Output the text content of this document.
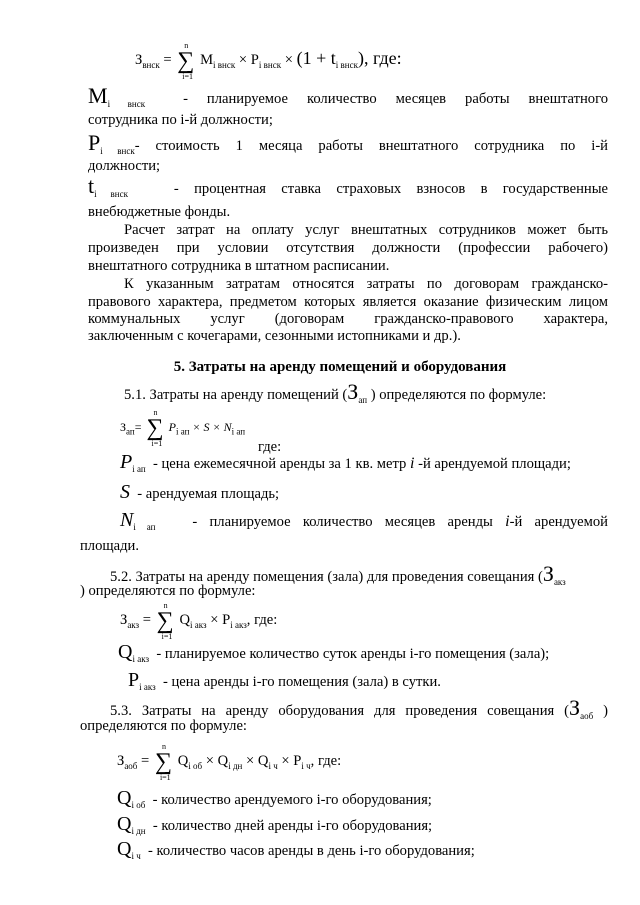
$З_{внск}$ = ∑
n
i=1
$M_{i внск} \times P_{i внск} \times (1 + t_{i внск})$, где:
$M_{i внск}$	- планируемое количество месяцев работы внештатного
сотрудника по i-й должности;
$P_{i внск}-$ стоимость 1 месяца работы внештатного сотрудника по i-й
должности;
$t_{i внск}$	- процентная ставка страховых взносов в государственные
внебюджетные фонды.
Расчет затрат на оплату услуг внештатных сотрудников может быть
произведен при условии отсутствия должности (профессии рабочего)
внештатного сотрудника в штатном расписании.
К указанным затратам относятся затраты по договорам гражданско-
правового характера, предметом которых является оказание физическим лицом
коммунальных услуг (договорам гражданско-правового характера,
заключенным с кочегарами, сезонными истопниками и др.).
5. Затраты на аренду помещений и оборудования
5.1. Затраты на аренду помещений ($З_{ап}$ ) определяются по формуле:
$З_{ап}=$ ∑
n
i=1
$P_{i ап} \times S \times N_{i ап}$
где:
$P_{i ап}$ - цена ежемесячной аренды за 1 кв. метр i -й арендуемой площади;
S - арендуемая площадь;
$N_{i ап}$	- планируемое количество месяцев аренды i-й арендуемой
площади.
5.2. Затраты на аренду помещения (зала) для проведения совещания ($З_{акз}$
) определяются по формуле:
$З_{акз}$ = ∑
n
i=1
$Q_{i акз} \times P_{i акз}$, где:
$Q_{i акз}$ - планируемое количество суток аренды i-го помещения (зала);
$P_{i акз}$ - цена аренды i-го помещения (зала) в сутки.
5.3. Затраты на аренду оборудования для проведения совещания ($З_{аоб}$ )
определяются по формуле:
$З_{аоб}$ = ∑
n
i=1
$Q_{i об} \times Q_{i дн} \times Q_{i ч} \times P_{i ч}$, где:
$Q_{i об}$ - количество арендуемого i-го оборудования;
$Q_{i дн}$ - количество дней аренды i-го оборудования;
$Q_{i ч}$ - количество часов аренды в день i-го оборудования;
